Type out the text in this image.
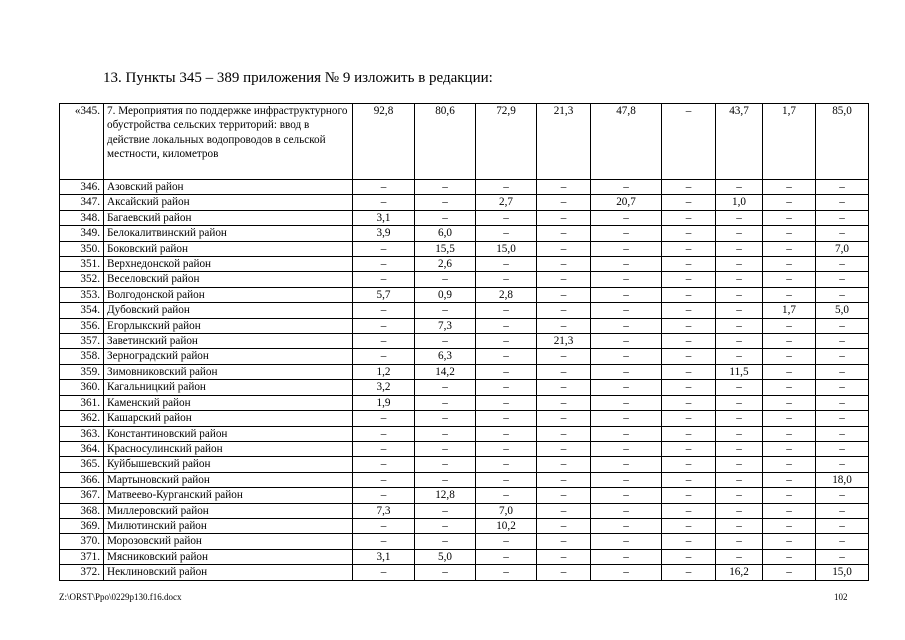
13. Пункты 345 – 389 приложения № 9 изложить в редакции:
«345.	7. Мероприятия по поддержке инфраструктурного обустройства сельских территорий: ввод в действие локальных водопроводов в сельской местности, километров	92,8	80,6	72,9	21,3	47,8	–	43,7	1,7	85,0
346.	Азовский район	–	–	–	–	–	–	–	–	–
347.	Аксайский район	–	–	2,7	–	20,7	–	1,0	–	–
348.	Багаевский район	3,1	–	–	–	–	–	–	–	–
349.	Белокалитвинский район	3,9	6,0	–	–	–	–	–	–	–
350.	Боковский район	–	15,5	15,0	–	–	–	–	–	7,0
351.	Верхнедонской район	–	2,6	–	–	–	–	–	–	–
352.	Веселовский район	–	–	–	–	–	–	–	–	–
353.	Волгодонской район	5,7	0,9	2,8	–	–	–	–	–	–
354.	Дубовский район	–	–	–	–	–	–	–	1,7	5,0
356.	Егорлыкский район	–	7,3	–	–	–	–	–	–	–
357.	Заветинский район	–	–	–	21,3	–	–	–	–	–
358.	Зерноградский район	–	6,3	–	–	–	–	–	–	–
359.	Зимовниковский район	1,2	14,2	–	–	–	–	11,5	–	–
360.	Кагальницкий район	3,2	–	–	–	–	–	–	–	–
361.	Каменский район	1,9	–	–	–	–	–	–	–	–
362.	Кашарский район	–	–	–	–	–	–	–	–	–
363.	Константиновский район	–	–	–	–	–	–	–	–	–
364.	Красносулинский район	–	–	–	–	–	–	–	–	–
365.	Куйбышевский район	–	–	–	–	–	–	–	–	–
366.	Мартыновский район	–	–	–	–	–	–	–	–	18,0
367.	Матвеево-Курганский район	–	12,8	–	–	–	–	–	–	–
368.	Миллеровский район	7,3	–	7,0	–	–	–	–	–	–
369.	Милютинский район	–	–	10,2	–	–	–	–	–	–
370.	Морозовский район	–	–	–	–	–	–	–	–	–
371.	Мясниковский район	3,1	5,0	–	–	–	–	–	–	–
372.	Неклиновский район	–	–	–	–	–	–	16,2	–	15,0
Z:\ORST\Ppo\0229p130.f16.docx	102
